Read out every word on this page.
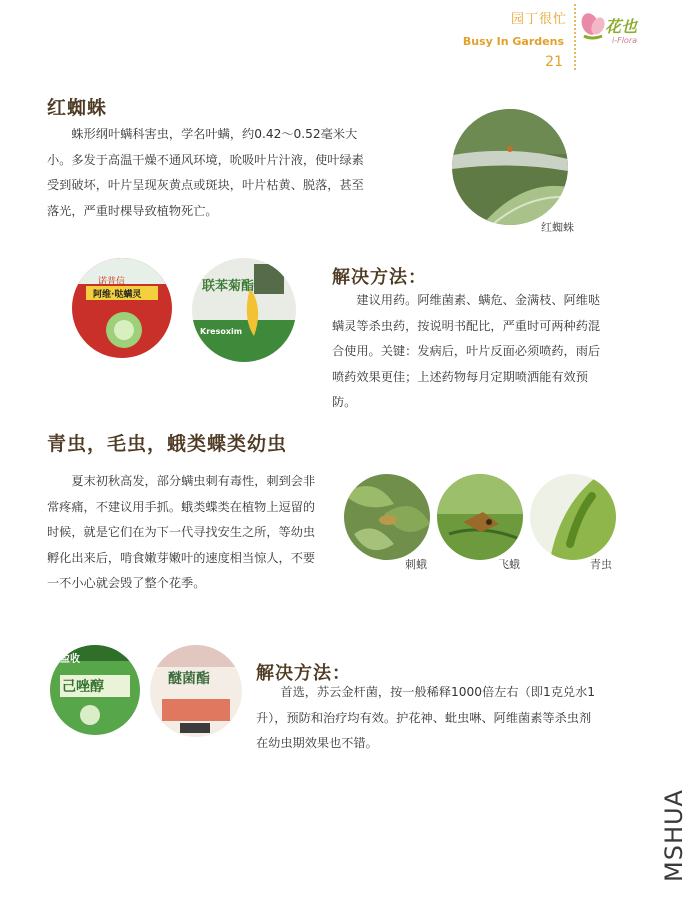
园丁很忙
Busy In Gardens
21
花也
i-Flora
红蜘蛛

蛛形纲叶螨科害虫，学名叶螨，约0.42～0.52毫米大

小。多发于高温干燥不通风环境，吮吸叶片汁液，使叶绿素
受到破坏，叶片呈现灰黄点或斑块，叶片枯黄、脱落，甚至
落光，严重时棵导致植物死亡。
红蜘蛛
诺普信
阿维·哒螨灵
联苯菊酯
Kresoxim
解决方法：

建议用药。阿维菌素、螨危、金满枝、阿维哒

螨灵等杀虫药，按说明书配比，严重时可两种药混
合使用。关键：发病后，叶片反面必须喷药，雨后
喷药效果更佳；上述药物每月定期喷洒能有效预
防。
青虫，毛虫，蛾类蝶类幼虫

夏末初秋高发，部分螨虫刺有毒性，刺到会非

常疼痛，不建议用手抓。蛾类蝶类在植物上逗留的
时候，就是它们在为下一代寻找安生之所，等幼虫
孵化出来后，啃食嫩芽嫩叶的速度相当惊人，不要
一不小心就会毁了整个花季。
刺蛾	飞蛾	青虫
盈收
己唑醇	醚菌酯	解决方法：

首选，苏云金杆菌，按一般稀释1000倍左右（即1克兑水1

升），预防和治疗均有效。护花神、蚍虫啉、阿维菌素等杀虫剂
在幼虫期效果也不错。
MSHUA
